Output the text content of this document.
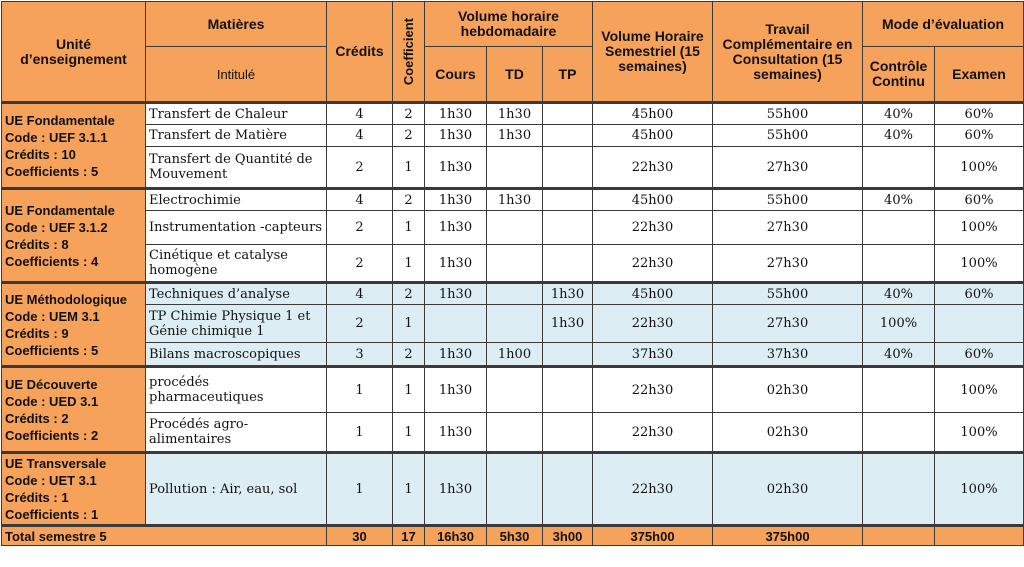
Unité d’enseignement	Matières	Crédits	Coefficient	Volume horaire hebdomadaire			Volume Horaire Semestriel (15 semaines)	Travail Complémentaire en Consultation (15 semaines)	Mode d’évaluation	
	Intitulé			Cours	TD	TP			Contrôle Continu	Examen

UE Fondamentale
Code : UEF 3.1.1
Crédits : 10
Coefficients : 5	Transfert de Chaleur	4	2	1h30	1h30		45h00	55h00	40%	60%
	Transfert de Matière	4	2	1h30	1h30		45h00	55h00	40%	60%
	Transfert de Quantité de Mouvement	2	1	1h30			22h30	27h30		100%

UE Fondamentale
Code : UEF 3.1.2
Crédits : 8
Coefficients : 4	Electrochimie	4	2	1h30	1h30		45h00	55h00	40%	60%
	Instrumentation -capteurs	2	1	1h30			22h30	27h30		100%
	Cinétique et catalyse homogène	2	1	1h30			22h30	27h30		100%

UE Méthodologique
Code : UEM 3.1
Crédits : 9
Coefficients : 5	Techniques d’analyse	4	2	1h30		1h30	45h00	55h00	40%	60%
	TP Chimie Physique 1 et Génie chimique 1	2	1			1h30	22h30	27h30	100%	
	Bilans macroscopiques	3	2	1h30	1h00		37h30	37h30	40%	60%

UE Découverte
Code : UED 3.1
Crédits : 2
Coefficients : 2	procédés pharmaceutiques	1	1	1h30			22h30	02h30		100%
	Procédés agro-alimentaires	1	1	1h30			22h30	02h30		100%

UE Transversale
Code : UET 3.1
Crédits : 1
Coefficients : 1	Pollution : Air, eau, sol	1	1	1h30			22h30	02h30		100%
Total semestre 5		30	17	16h30	5h30	3h00	375h00	375h00		
